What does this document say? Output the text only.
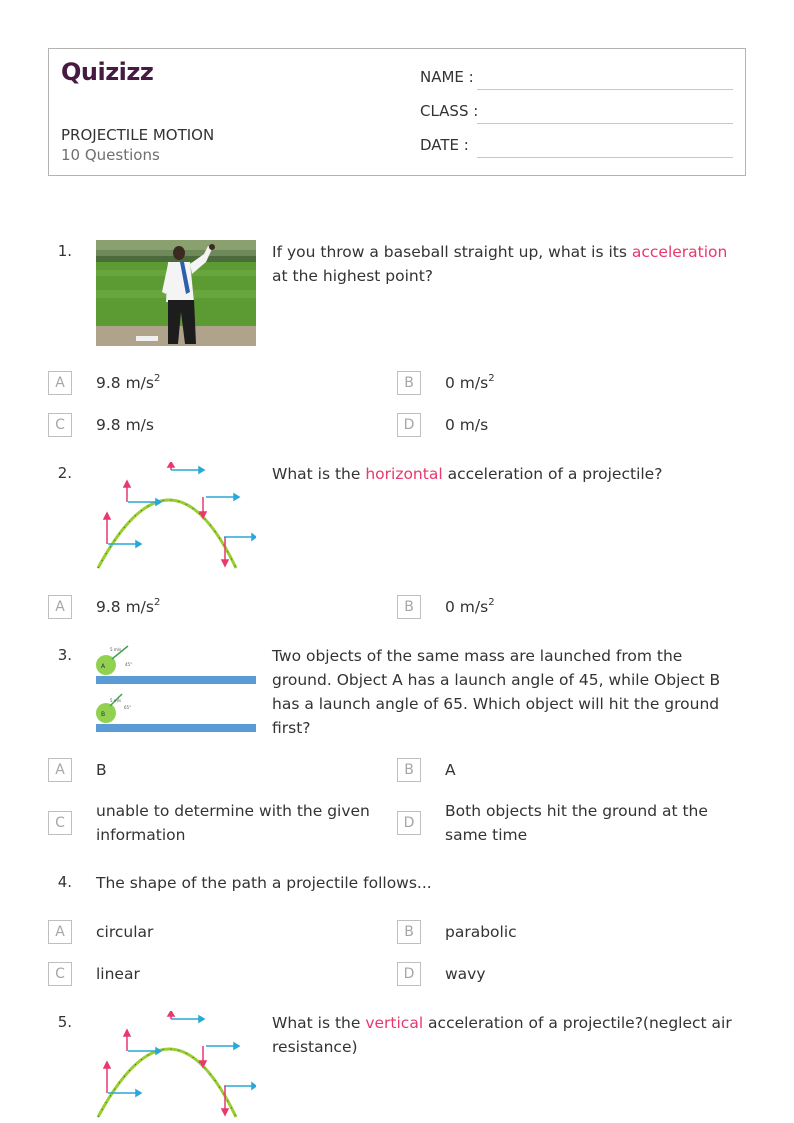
Quizizz
PROJECTILE MOTION
10 Questions
NAME :
CLASS :
DATE :
1.	If you throw a baseball straight up, what is its acceleration at the highest point?
A	9.8 $m/s^2$	B	0 $m/s^2$
C	9.8 m/s	D	0 m/s
2.	What is the horizontal acceleration of a projectile?
A	9.8 $m/s^2$	B	0 $m/s^2$
3.
A
5 m/s
45°
B
5 m/s
65°
Two objects of the same mass are launched from the ground. Object A has a launch angle of 45, while Object B has a launch angle of 65. Which object will hit the ground first?
A	B	B	A
C
unable to determine with the given information
D
Both objects hit the ground at the same time
4. The shape of the path a projectile follows...
A	circular	B	parabolic
C	linear	D	wavy
5.	What is the vertical acceleration of a projectile?(neglect air resistance)
